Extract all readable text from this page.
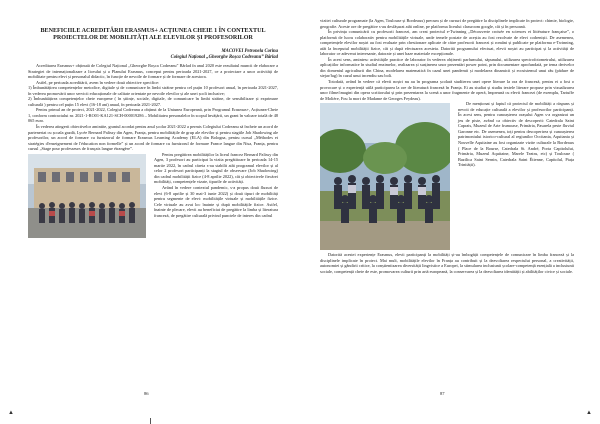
BENEFICIILE ACREDITĂRII ERASMUS+ ACȚIUNEA CHEIE 1 ÎN CONTEXTUL PROIECTELOR DE MOBILITĂȚI ALE ELEVILOR ȘI PROFESORILOR
MACOVEI Petronela Corina
Colegiul Național „Gheorghe Roșca Codreanu” Bârlad

Acreditarea Erasmus+ obținută de Colegiul Național „Gheorghe Roșca Codreanu” Bârlad în anul 2020 este rezultatul muncii de elaborare a Strategiei de internaționalizare a liceului și a Planului Erasmus, conceput pentru perioada 2021-2027, ce a proiectare a unor activități de mobilitate pentru elevi și personalul didactic, în funcție de nevoile de formare și de formare de acestora.

Astfel, pe perioada acreditării, avem în vedere două obiective specifice:

1) Îmbunătățirea competențelor metodice, digitale și de comunicare în limbi străine pentru cel puțin 10 profesori anual, în perioada 2021-2027, în vederea promovării unor servicii educaționale de calitate orientate pe nevoile elevilor și ale unei școli incluzive;

2) Îmbunătățirea competențelor cheie europene ( în științe, sociale, digitale, de comunicare în limbi străine, de sensibilizare și exprimare culturală ) pentru cel puțin 15 elevi (16-18 ani) anual, în perioada 2021-2027.

Pentru primul an de proiect, 2021-2022, Colegiul Codreanu a obținut de la Uniunea Europeană, prin Programul Erasmus+, Acțiunea-Cheie 1, conform contractului nr. 2021-1-RO01-KA121-SCH-000019286 – Mobilitatea personalelor în scopul învățării, un grant în valoare totală de 48 065 euro.

În vederea atingerii obiectivelor amintite, grantul acordat pentru anul școlar 2021-2022 a permis Colegiului Codreanu să încheie un acord de parteneriat cu școala gazdă, Lycée Bernard Palissy din Agen, Franța, pentru mobilitățile de grup ale elevilor și pentru stagiile Job Shadowing ale profesorilor, un acord de formare cu furnizorul de formare Erasmus Learning Academy (ELA) din Bologna, pentru cursul „Méthodes et stratégies d'enseignement de l'éducation non formelle” și un acord de formare cu furnizorul de formare France langue din Nisa, Franța, pentru cursul „Stage pour professeurs de français langue étrangère”.

Pentru pregătirea mobilităților la liceul francez Bernard Palissy din Agen, 3 profesori au participat la vizita pregătitoare în perioada 14-15 martie 2022, în cadrul căreia s-au stabilit atât programul elevilor și al celor 2 profesori participanți la stagiul de observare (Job Shadowing) din cadrul mobilității fizice (4-8 aprilie 2022), cât și obiectivele fiecărei mobilități, competențele vizate, tipurile de activități.

Având în vedere contextul pandemic, s-a propus două fluxuri de elevi (6-8 aprilie și 30 mai-3 iunie 2022) și două tipuri de mobilități pentru segmente de elevi: mobilitățile virtuale și mobilitățile fizice. Cele virtuale au avut loc înainte și după mobilitățile fizice. Astfel, înainte de plecare, elevii au beneficiat de pregătire la limba și literatura franceză, de pregătire culturală privind punctele de interes din cadrul

86
▲

vizitei culturale programate (la Agen, Toulouse și Bordeaux) precum și de cursuri de pregătire la disciplinele implicate în proiect: chimie, biologie, geografie. Aceste ore de pregătire s-au desfășurat atât online, pe platforma liceului classroom google, cât și în persoană.

În privința comunicării cu profesorii francezi, am creat proiectul e-Twinning „Découverte croisée en sciences et littérature française”, o platformă de lucru colaborativ pentru mobilitățile virtuale, unde temele postate de aceștia au fost rezolvate de elevi codreniști. De asemenea, competențele elevilor noștri au fost evaluate prin chestionare aplicate de către profesorii francezi și români și publicate pe platforma e-Twinning, atât la începutul mobilității fizice, cât și după efectuarea acesteia. Datorită programului efectuat, elevii noștri au participat și la activități de laborator ce adeverat interesante, datorate și unei baze materiale excepționale.

În acest sens, amintesc activitățile practice de laborator în vederea obținerii parfumului, săpunului, utilizarea spectrofotometrului, utilizarea aplicațiilor informatice în studiul enzimelor, realizarea și susținerea unor prezentări power point, prin documentare aprofundată, pe tema derivelor din domeniul agriculturii din China, modelarea matematică în cazul unei pandemii și modelarea dinamicii și ecosistemul unui râu (pădure de stejar/fag) în cazul unui incendiu sau boli.

Totodată, având în vedere că elevii noștri nu au în programa școlară studiierea unei opere literare la ora de franceză, pentru ei a fost o provocare și o experiență utilă participarea la ore de literatură franceză în Franța. Ei au studiat și studiu textele literare propuse prin vizualizarea unor filme/imagini din opera scriitorului și prin prezentarea la scenă a unor fragmente de operă, împreună cu elevii francezi (de exemplu, Tartuffe de Molière, Fou la mort de Madame de Georges Feydeau).

De menționat și faptul că proiectul de mobilități a răspuns și nevoii de educație culturală a elevilor și profesorilor participanți. În acest sens, pentru cunoașterea orașului Agen s-a organizat un jeu de piste, având ca obiectiv de descoperit: Catedrala Saint Caprais, Muzeul de Arte frumoase, Primăria, Pasarela peste fluviul Garonne etc. De asemenea, toți pentru descoperirea și cunoașterea patrimoniului istorico-cultural al regiunilor Occitania, Aquitania și Nouvelle Aquitaine au fost organizate vizite culturale la Bordeaux ( Place de la Bourse, Catedrala St. André, Porta Capitolului, Primăria, Muzeul Aquitaine, Marele Teatru, etc) și Toulouse ( Bazilica Saint Sernin, Catedrala Saint Étienne, Capitolul, Piața Trinității).

Datorită acestei experiențe Erasmus, elevii participanți la mobilități și-au îmbogățit competențele de comunicare în limba franceză și la disciplinele implicate în proiect. Mai mult, mobilitățile elevilor în Franța au contribuit și la dezvoltarea respectului personal, a creativității, autonomiei și gândirii critice, la conștientizarea diversității lingvistice a Europei, la stimularea inclusiunii școlare-competență esențială a inclusiunii sociale, competență cheie de este, promovarea culturii prin artă europeană, la conservarea și la dezvoltarea identității și abilităților civice și sociale.

87
▲
